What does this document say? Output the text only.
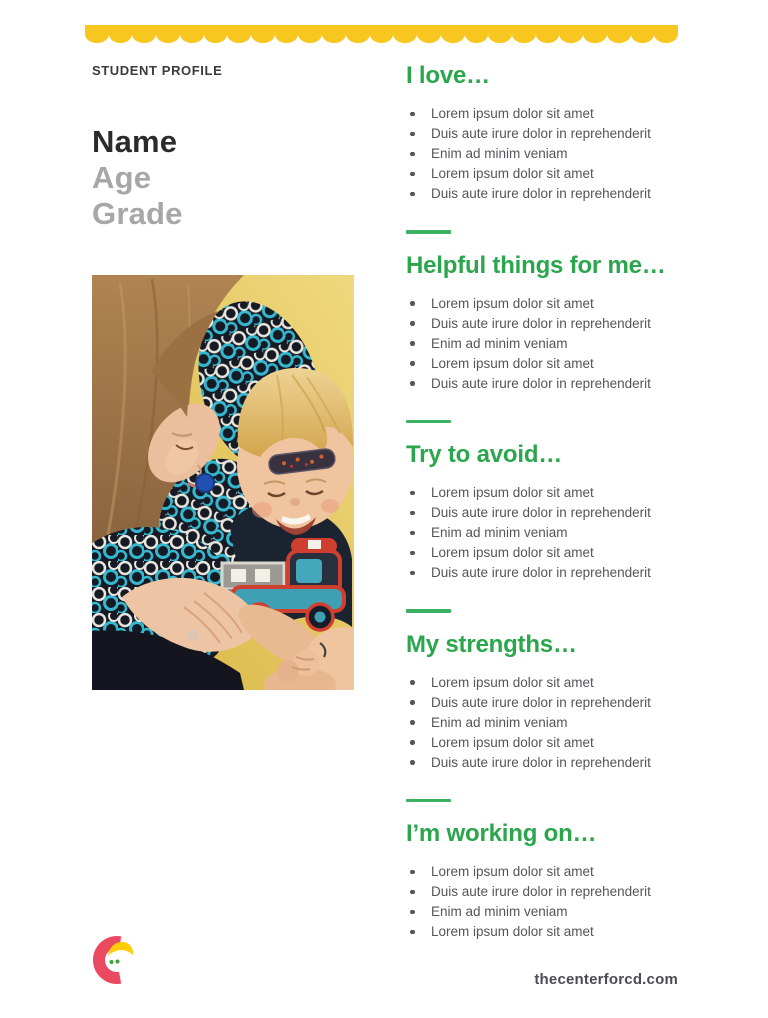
STUDENT PROFILE
Name
Age
Grade
I love…
Lorem ipsum dolor sit amet
Duis aute irure dolor in reprehenderit
Enim ad minim veniam
Lorem ipsum dolor sit amet
Duis aute irure dolor in reprehenderit
Helpful things for me…
Lorem ipsum dolor sit amet
Duis aute irure dolor in reprehenderit
Enim ad minim veniam
Lorem ipsum dolor sit amet
Duis aute irure dolor in reprehenderit
Try to avoid…
Lorem ipsum dolor sit amet
Duis aute irure dolor in reprehenderit
Enim ad minim veniam
Lorem ipsum dolor sit amet
Duis aute irure dolor in reprehenderit
My strengths…
Lorem ipsum dolor sit amet
Duis aute irure dolor in reprehenderit
Enim ad minim veniam
Lorem ipsum dolor sit amet
Duis aute irure dolor in reprehenderit
I’m working on…
Lorem ipsum dolor sit amet
Duis aute irure dolor in reprehenderit
Enim ad minim veniam
Lorem ipsum dolor sit amet
thecenterforcd.com
